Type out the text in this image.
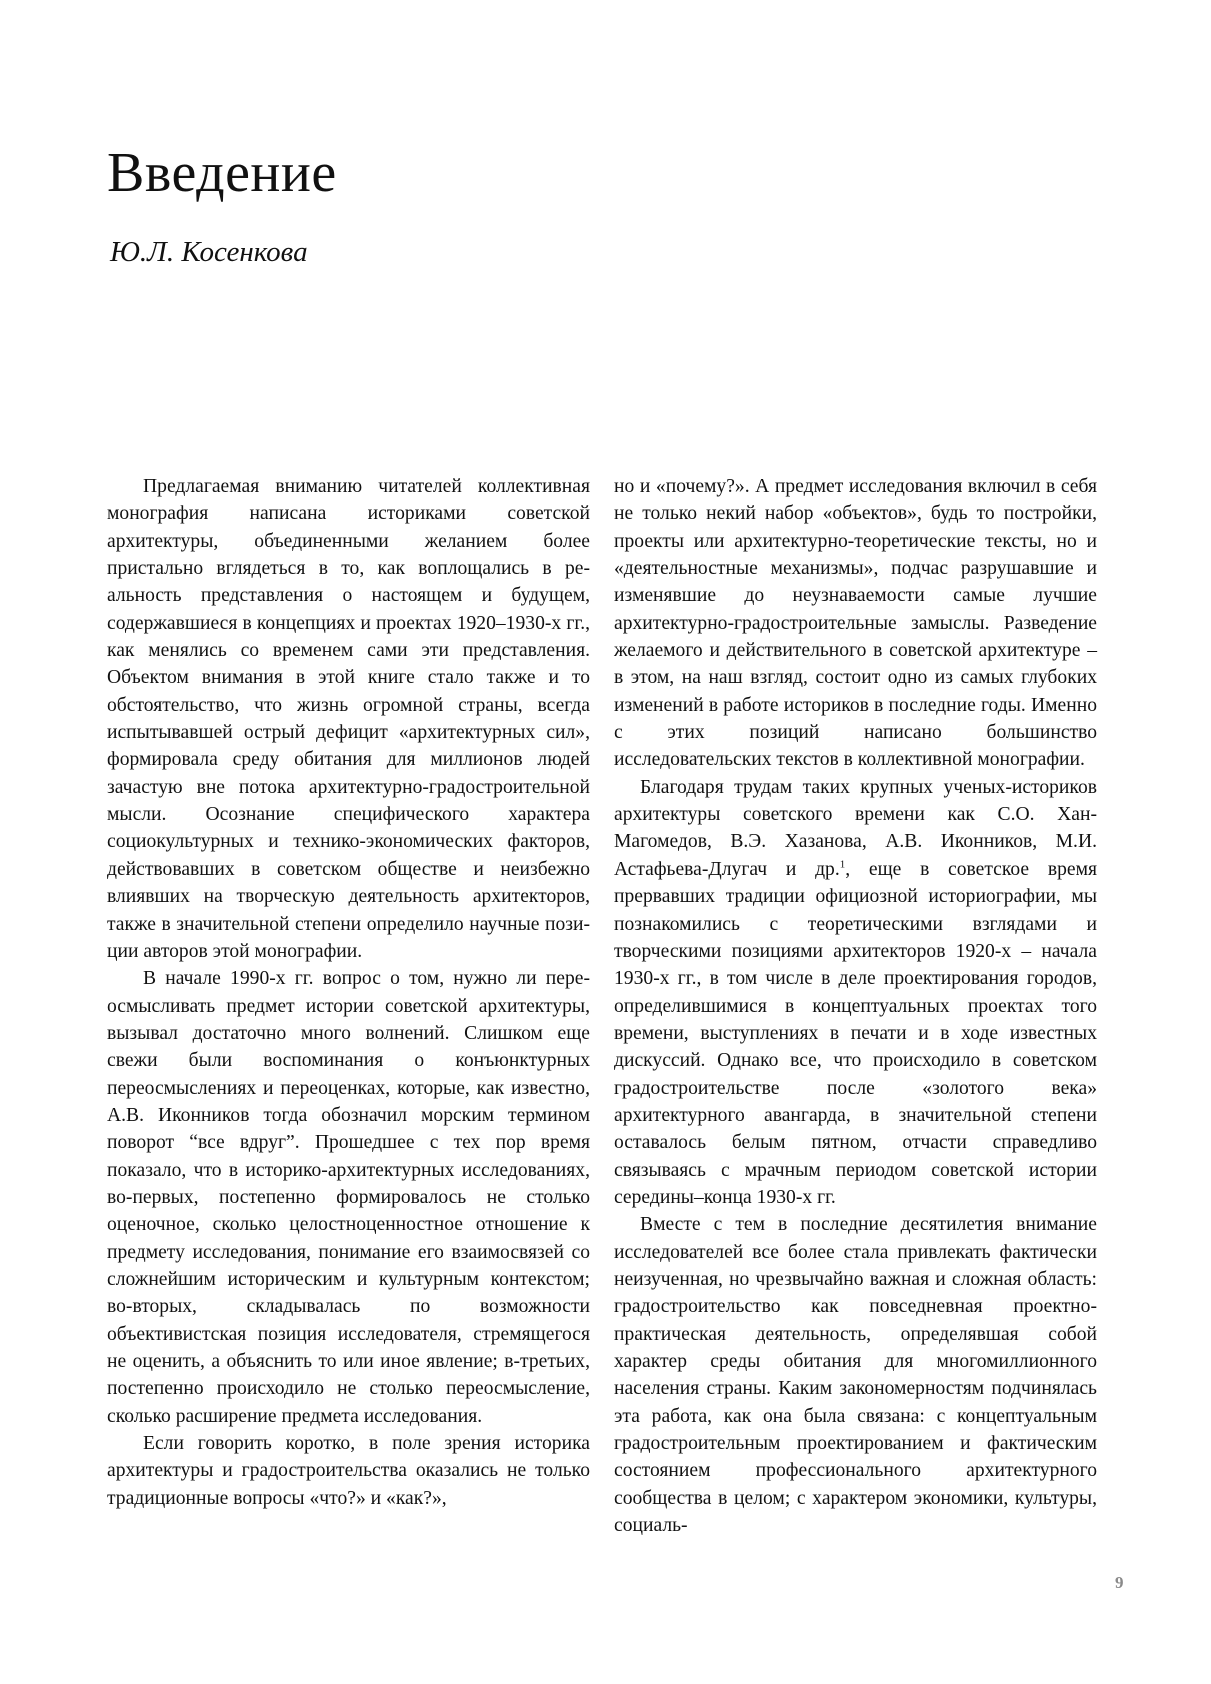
Введение

Ю.Л. Косенкова

Предлагаемая вниманию читателей коллективная монография написана историками советской архитектуры, объединенными желанием более пристально вглядеться в то, как воплощались в реальность представления о настоящем и будущем, содержавшиеся в концепциях и проектах 1920–1930-х гг., как менялись со временем сами эти представления. Объектом внимания в этой книге стало также и то обстоятельство, что жизнь огромной страны, всегда испытывавшей острый дефицит «архитектурных сил», формировала среду обитания для миллионов людей зачастую вне потока архитектурно-градостроительной мысли. Осознание специфического характера социокультурных и технико-экономических факторов, действовавших в советском обществе и неизбежно влиявших на творческую деятельность архитекторов, также в значительной степени определило научные позиции авторов этой монографии.

В начале 1990-х гг. вопрос о том, нужно ли переосмысливать предмет истории советской архитектуры, вызывал достаточно много волнений. Слишком еще свежи были воспоминания о конъюнктурных переосмыслениях и переоценках, которые, как известно, А.В. Иконников тогда обозначил морским термином поворот “все вдруг”. Прошедшее с тех пор время показало, что в историко-архитектурных исследованиях, во-первых, постепенно формировалось не столько оценочное, сколько целостноценностное отношение к предмету исследования, понимание его взаимосвязей со сложнейшим историческим и культурным контекстом; во-вторых, складывалась по возможности объективистская позиция исследователя, стремящегося не оценить, а объяснить то или иное явление; в-третьих, постепенно происходило не столько переосмысление, сколько расширение предмета исследования.

Если говорить коротко, в поле зрения историка архитектуры и градостроительства оказались не только традиционные вопросы «что?» и «как?»,

но и «почему?». А предмет исследования включил в себя не только некий набор «объектов», будь то постройки, проекты или архитектурно-теоретические тексты, но и «деятельностные механизмы», подчас разрушавшие и изменявшие до неузнаваемости самые лучшие архитектурно-градостроительные замыслы. Разведение желаемого и действительного в советской архитектуре – в этом, на наш взгляд, состоит одно из самых глубоких изменений в работе историков в последние годы. Именно с этих позиций написано большинство исследовательских текстов в коллективной монографии.

Благодаря трудам таких крупных ученых-историков архитектуры советского времени как С.О. Хан-Магомедов, В.Э. Хазанова, А.В. Иконников, М.И. Астафьева-Длугач и др.$^1$, еще в советское время прервавших традиции официозной историографии, мы познакомились с теоретическими взглядами и творческими позициями архитекторов 1920-х – начала 1930-х гг., в том числе в деле проектирования городов, определившимися в концептуальных проектах того времени, выступлениях в печати и в ходе известных дискуссий. Однако все, что происходило в советском градостроительстве после «золотого века» архитектурного авангарда, в значительной степени оставалось белым пятном, отчасти справедливо связываясь с мрачным периодом советской истории середины–конца 1930-х гг.

Вместе с тем в последние десятилетия внимание исследователей все более стала привлекать фактически неизученная, но чрезвычайно важная и сложная область: градостроительство как повседневная проектно-практическая деятельность, определявшая собой характер среды обитания для многомиллионного населения страны. Каким закономерностям подчинялась эта работа, как она была связана: с концептуальным градостроительным проектированием и фактическим состоянием профессионального архитектурного сообщества в целом; с характером экономики, культуры, социаль-

9
